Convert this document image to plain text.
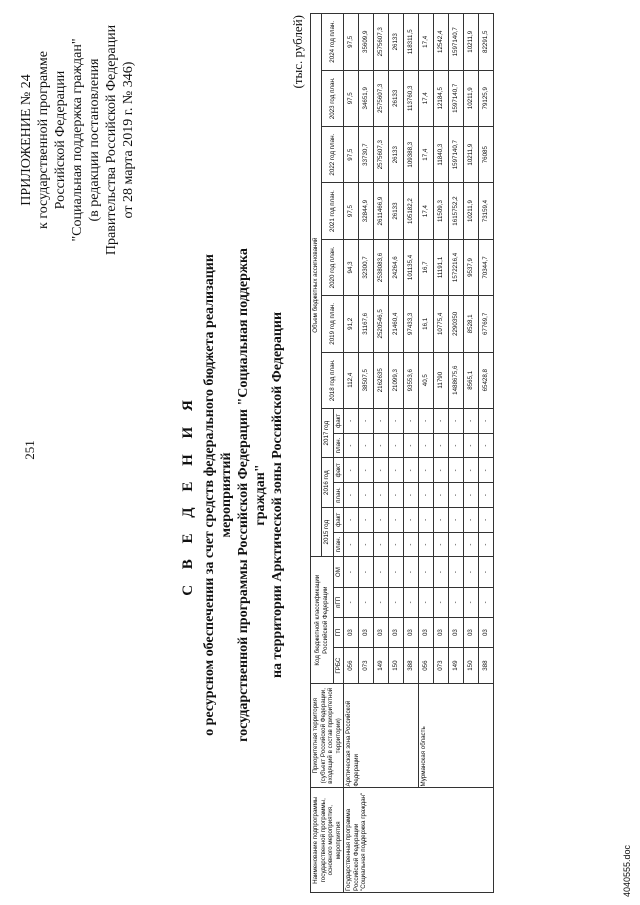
251
ПРИЛОЖЕНИЕ № 24 к государственной программе Российской Федерации "Социальная поддержка граждан" (в редакции постановления Правительства Российской Федерации от 28 марта 2019 г. № 346)
С В Е Д Е Н И Я о ресурсном обеспечении за счет средств федерального бюджета реализации мероприятий государственной программы Российской Федерации "Социальная поддержка граждан" на территории Арктической зоны Российской Федерации
(тыс. рублей)
Наименование подпрограммы государственной программы, основного мероприятия, мероприятия	Приоритетная территория (субъект Российской Федерации, входящий в состав приоритетной территории)	Код бюджетной классификации Российской Федерации				Объем бюджетных ассигнований												
						2015 год		2016 год		2017 год		2018 год план.	2019 год план.	2020 год план.	2021 год план.	2022 год план.	2023 год план.	2024 год план.
		ГРБС	ГП	пГП	ОМ	план.	факт	план.	факт	план.	факт							
Государственная программа Российской Федерации "Социальная поддержка граждан"	Арктическая зона Российской Федерации	056	03	-	-	-	-	-	-	-	-	112,4	91,2	94,3	97,5	97,5	97,5	97,5
		073	03	-	-	-	-	-	-	-	-	38507,5	31167,6	32300,7	32844,9	33730,7	34651,9	35609,9
		149	03	-	-	-	-	-	-	-	-	2162635	2520546,5	2538083,6	2611466,9	2575607,3	2575607,3	2575607,3
		150	03	-	-	-	-	-	-	-	-	21099,3	21460,4	24264,6	26133	26133	26133	26133
		388	03	-	-	-	-	-	-	-	-	93553,6	97433,3	101135,4	105182,2	109388,3	113760,3	118311,5
	Мурманская область	056	03	-	-	-	-	-	-	-	-	40,5	16,1	16,7	17,4	17,4	17,4	17,4
		073	03	-	-	-	-	-	-	-	-	11790	10775,4	11191,1	11509,3	11840,3	12184,5	12542,4
		149	03	-	-	-	-	-	-	-	-	1488675,6	2290350	1572216,4	1615752,2	1597140,7	1597140,7	1597140,7
		150	03	-	-	-	-	-	-	-	-	8565,1	8528,1	9537,9	10211,9	10211,9	10211,9	10211,9
		388	03	-	-	-	-	-	-	-	-	65428,8	67769,7	70344,7	73159,4	76085	79125,9	82291,5
4040555.doc
